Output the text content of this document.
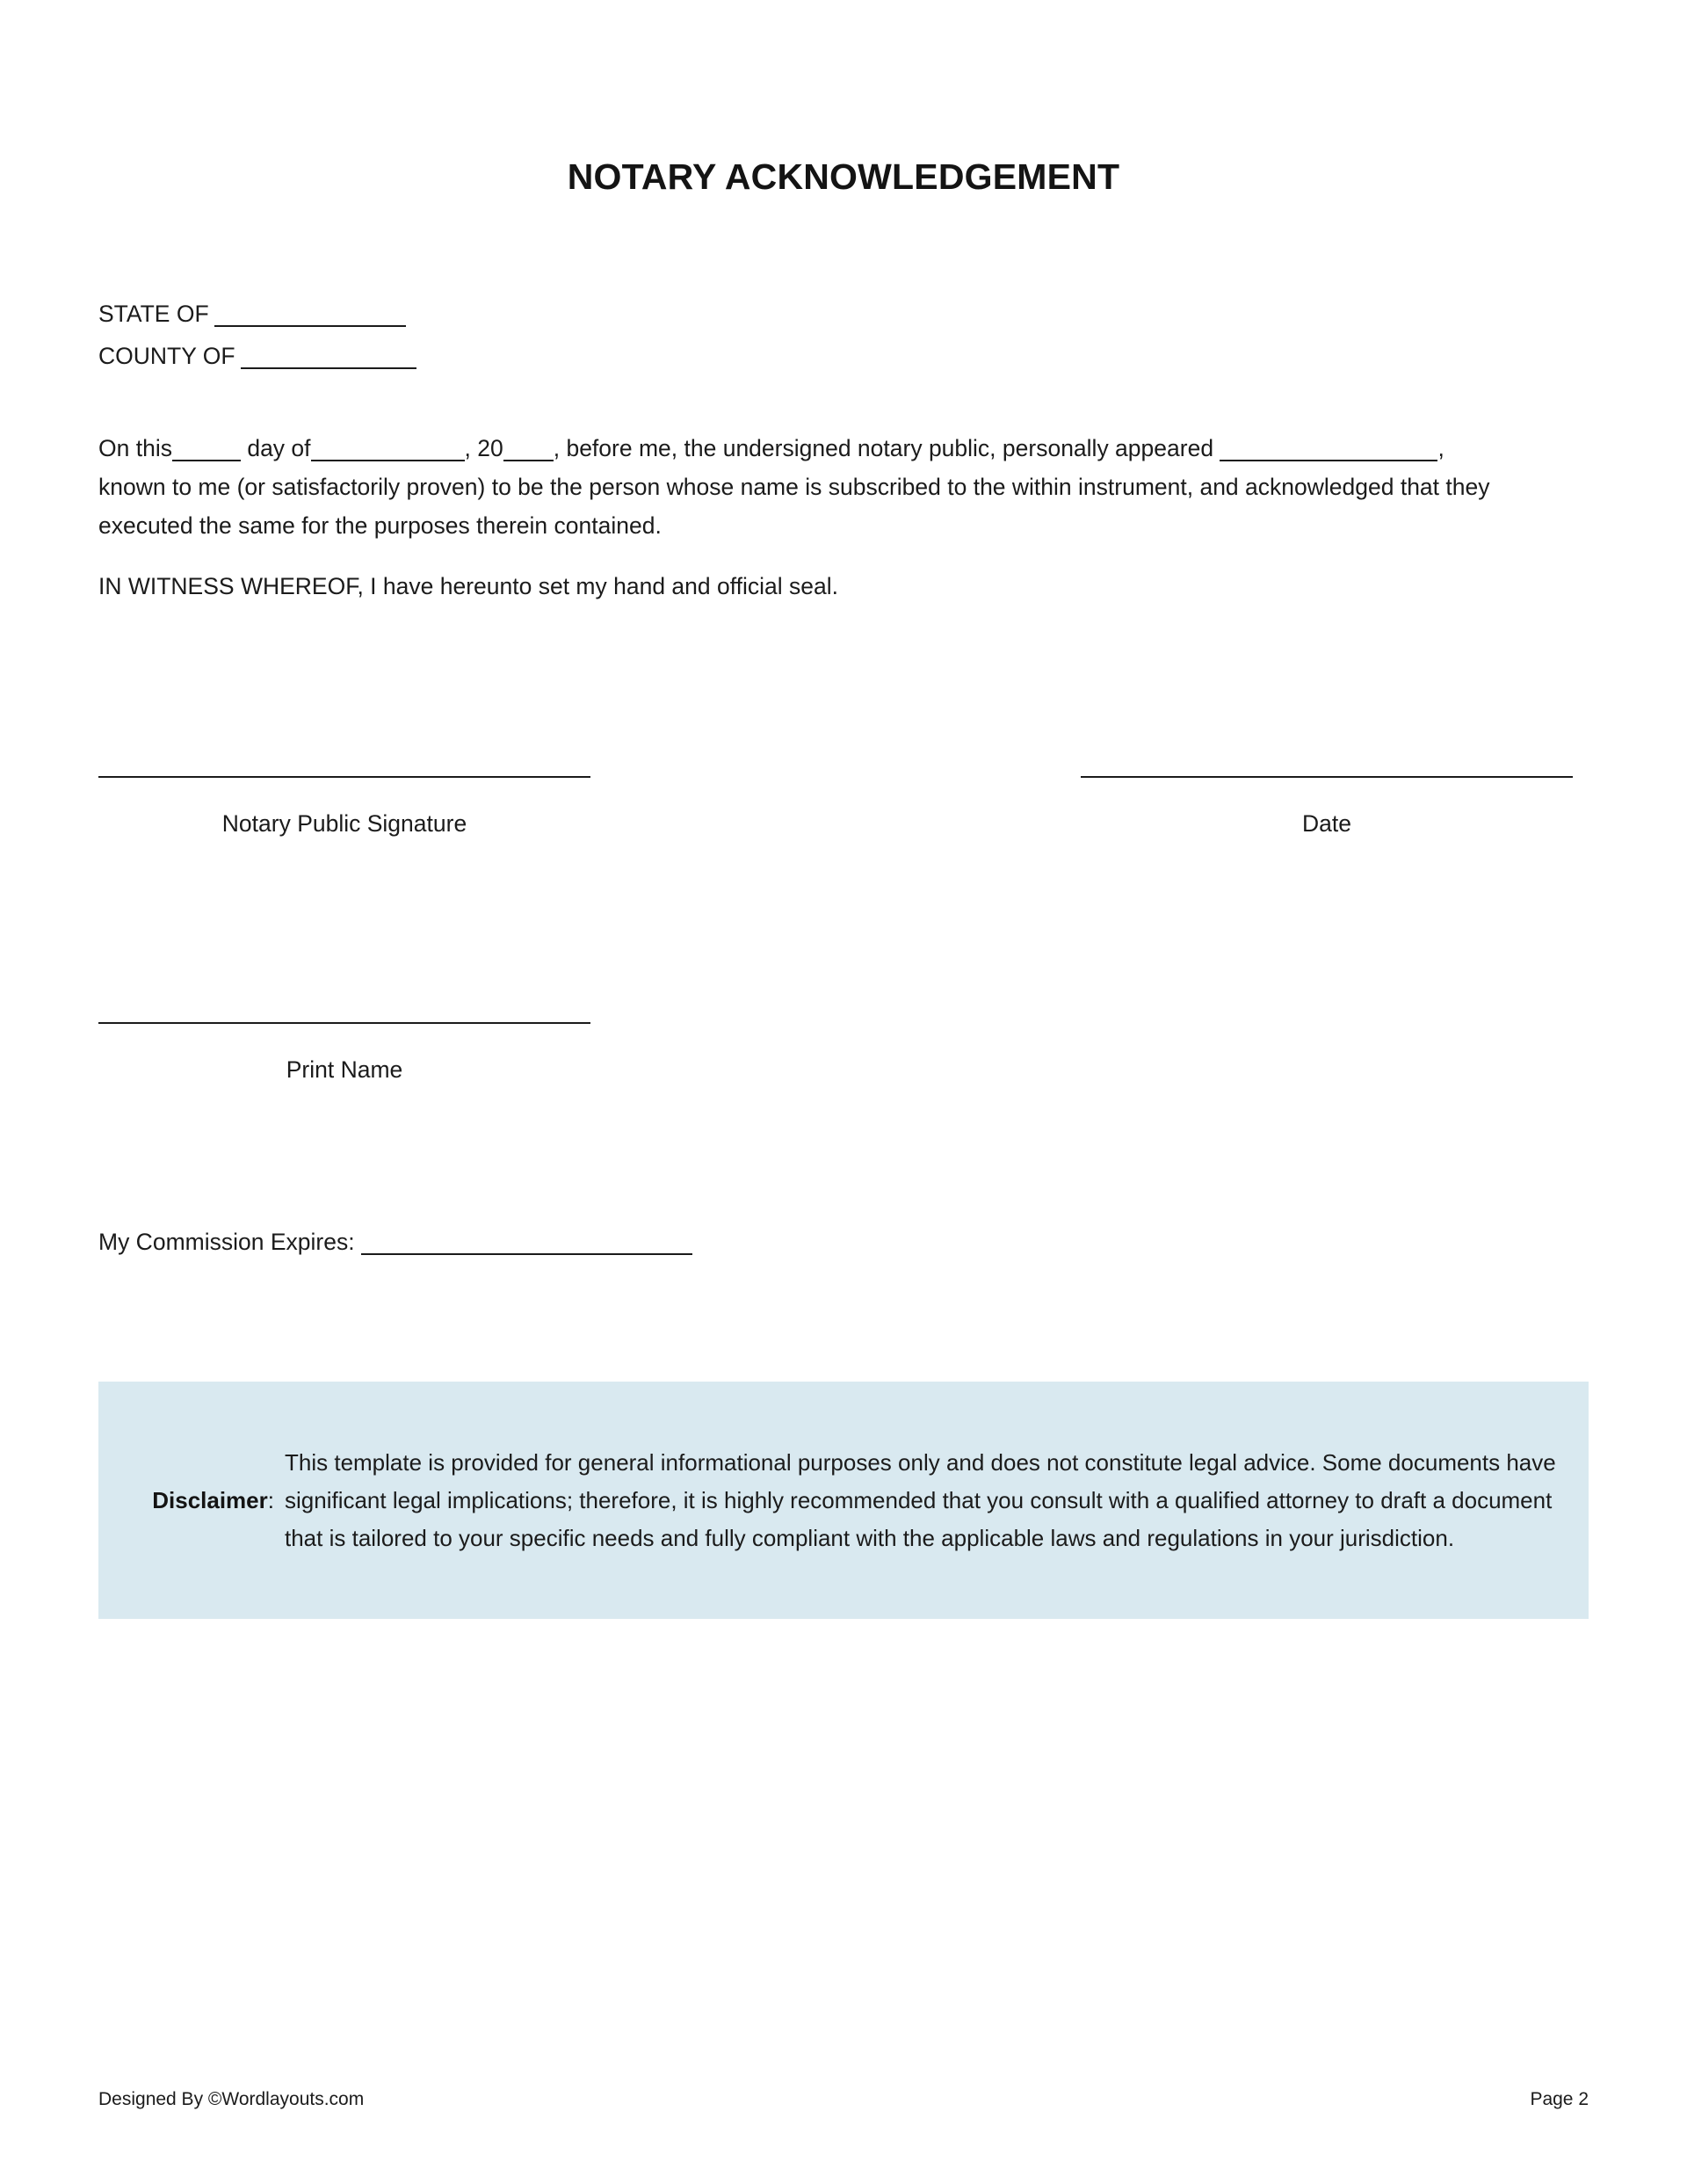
NOTARY ACKNOWLEDGEMENT
STATE OF
COUNTY OF
On this	day of	, 20 , before me, the undersigned notary public, personally appeared	, known to me (or satisfactorily proven) to be the person whose name is subscribed to the within instrument, and acknowledged that they executed the same for the purposes therein contained.
IN WITNESS WHEREOF, I have hereunto set my hand and official seal.
Notary Public Signature	Date
Print Name
My Commission Expires:
Disclaimer:
This template is provided for general informational purposes only and does not constitute legal advice. Some documents have significant legal implications; therefore, it is highly recommended that you consult with a qualified attorney to draft a document that is tailored to your specific needs and fully compliant with the applicable laws and regulations in your jurisdiction.
Designed By ©Wordlayouts.com	Page 2
